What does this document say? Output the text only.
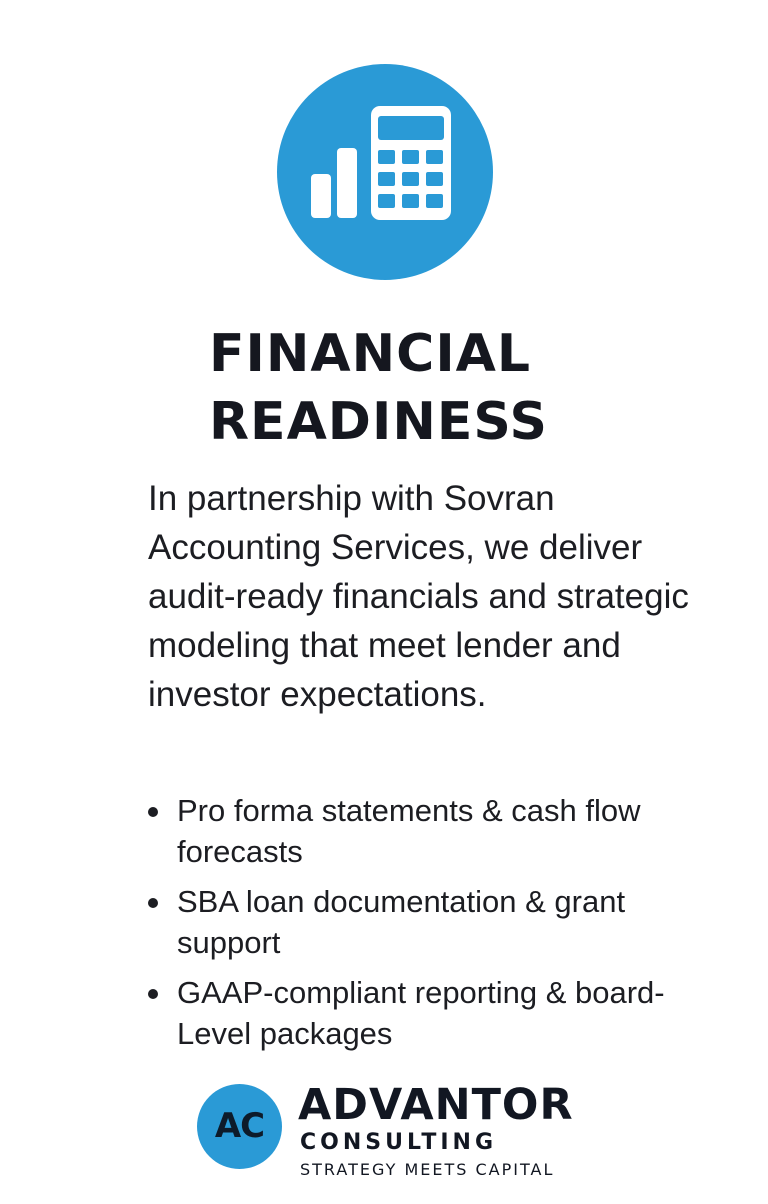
FINANCIAL
READINESS

In partnership with Sovran Accounting Services, we deliver audit-ready financials and strategic modeling that meet lender and investor expectations.

Pro forma statements & cash flow forecasts
SBA loan documentation & grant support
GAAP-compliant reporting & board-Level packages
AC ADVANTOR
CONSULTING
STRATEGY MEETS CAPITAL
